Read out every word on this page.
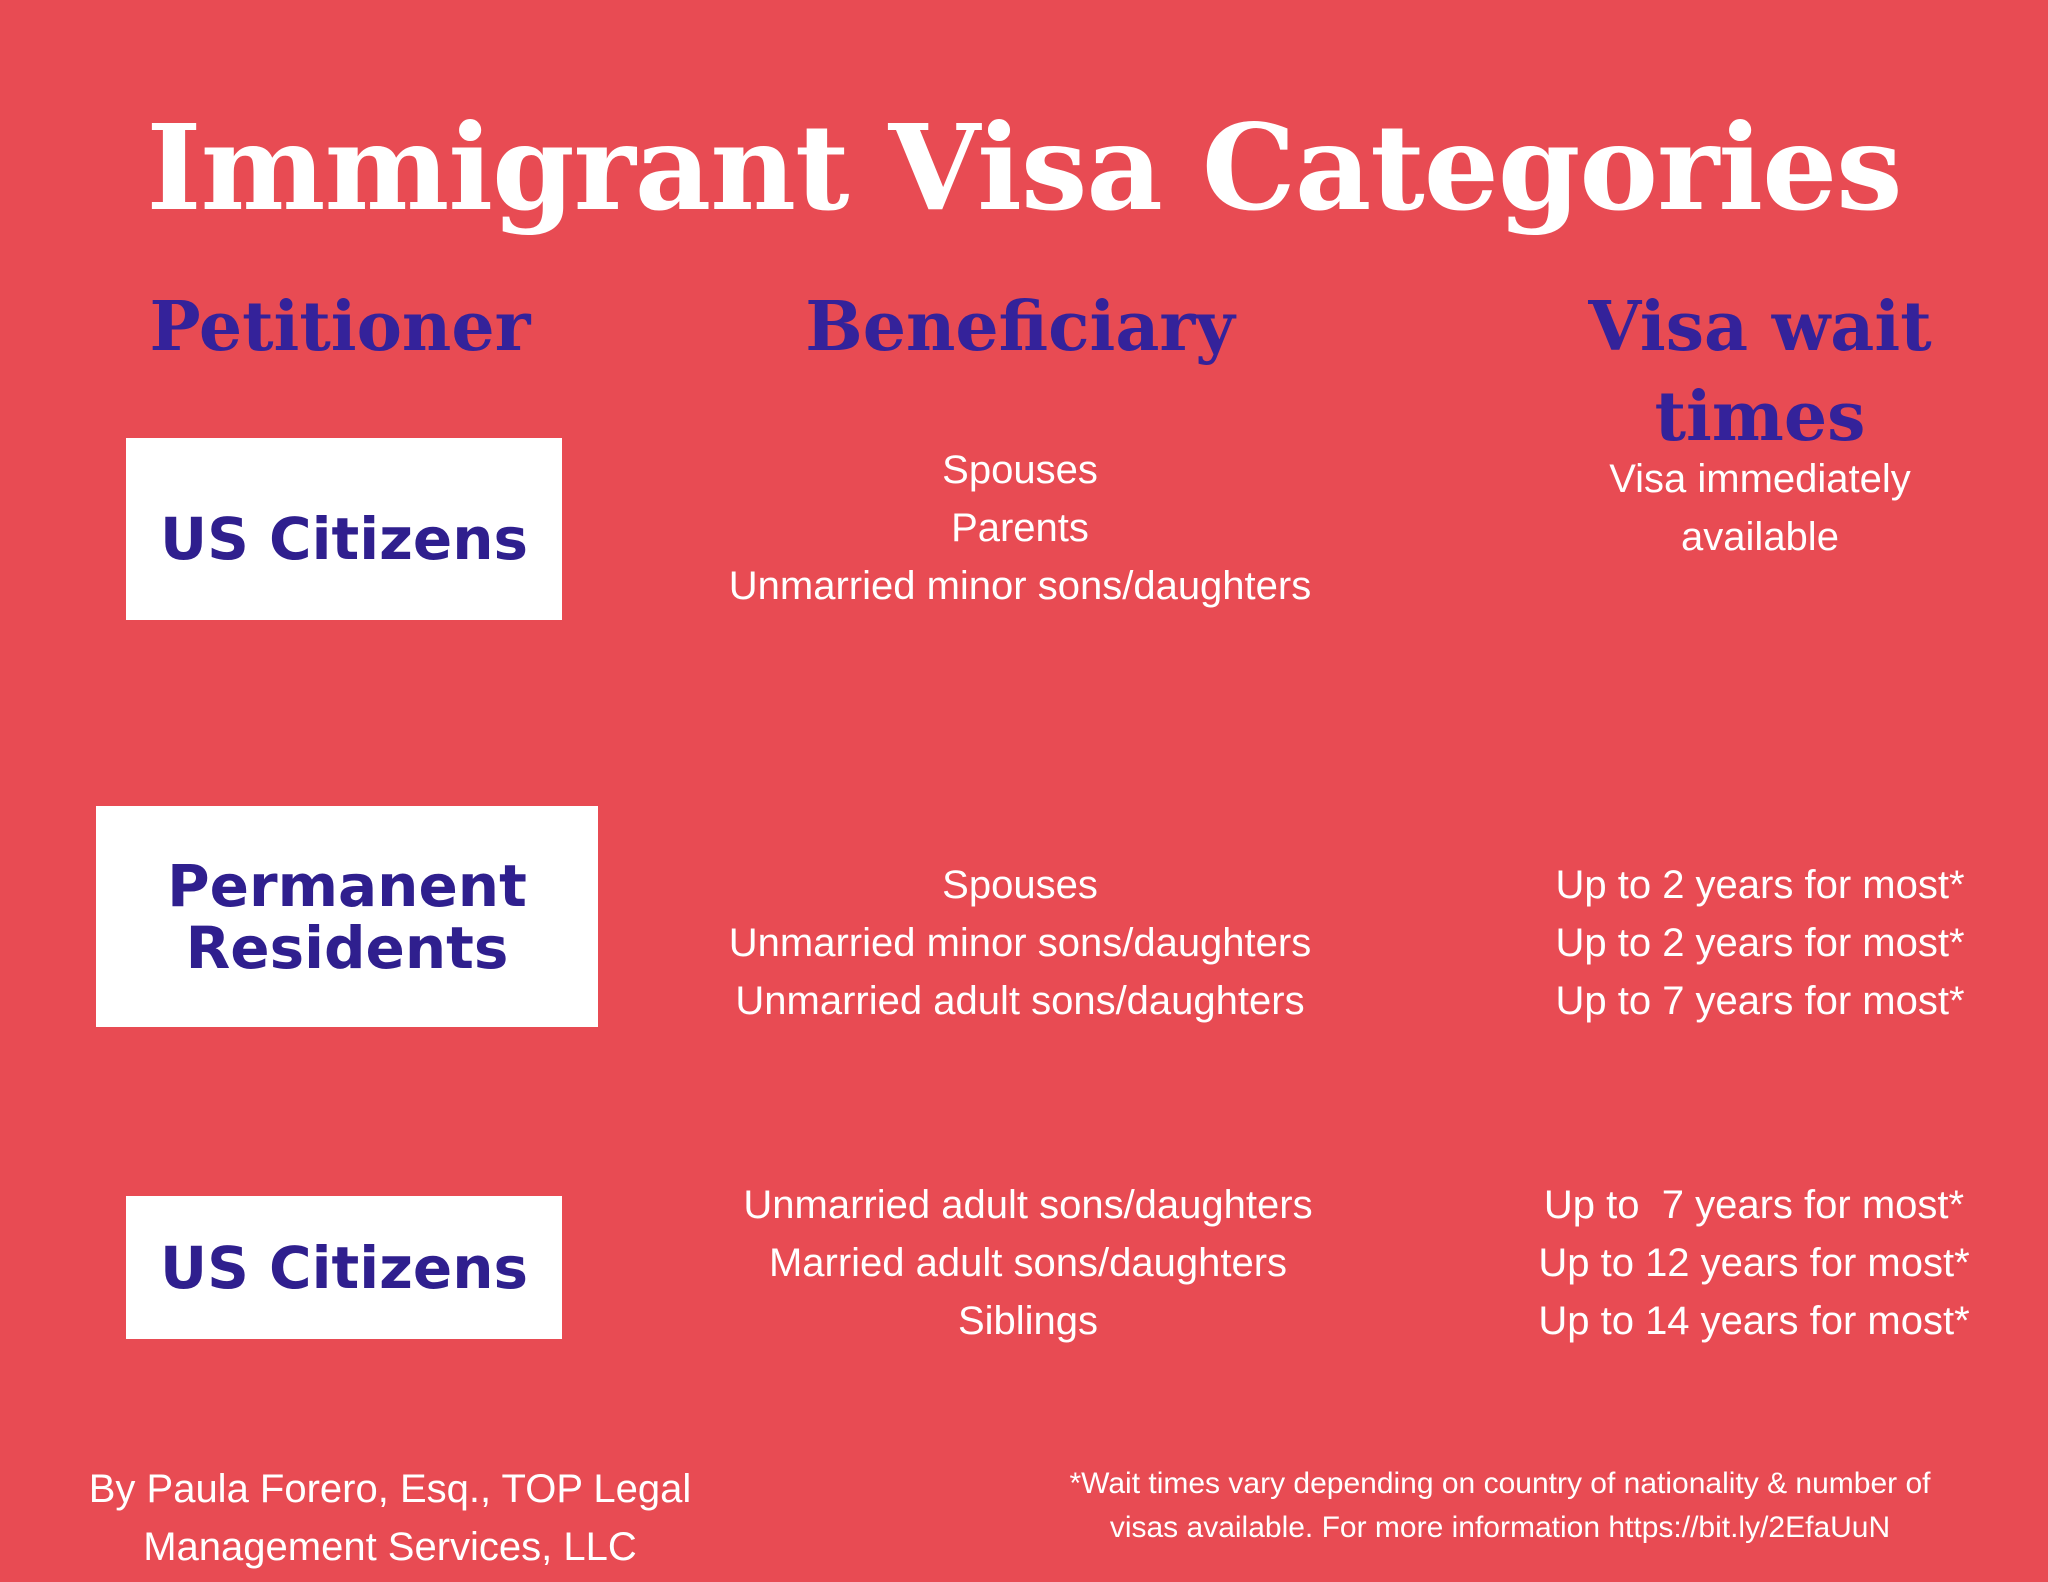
Immigrant Visa Categories
Petitioner	Beneficiary	Visa wait times
US Citizens
Spouses
Parents
Unmarried minor sons/daughters
Visa immediately
available
Permanent
Residents
Spouses
Unmarried minor sons/daughters
Unmarried adult sons/daughters
Up to 2 years for most*
Up to 2 years for most*
Up to 7 years for most*
US Citizens
Unmarried adult sons/daughters
Married adult sons/daughters
Siblings
Up to  7 years for most*
Up to 12 years for most*
Up to 14 years for most*
By Paula Forero, Esq., TOP Legal
Management Services, LLC
*Wait times vary depending on country of nationality & number of
visas available. For more information https://bit.ly/2EfaUuN
